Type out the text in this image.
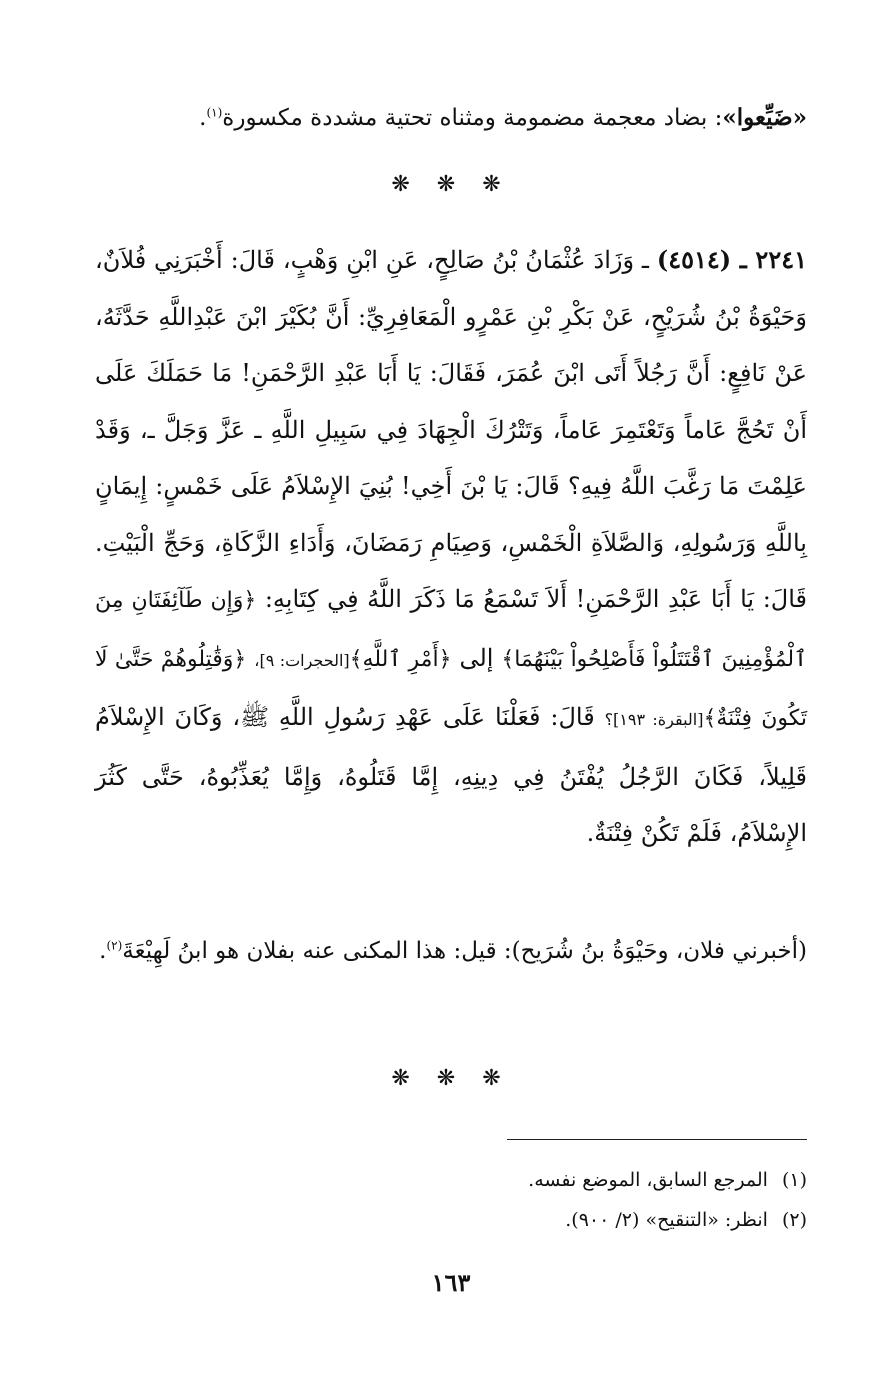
«ضَيِّعوا»: بضاد معجمة مضمومة ومثناه تحتية مشددة مكسورة$^{(١)}$.
❋ ❋ ❋

٢٢٤١ ـ (٤٥١٤) ـ وَزَادَ عُثْمَانُ بْنُ صَالِحٍ، عَنِ ابْنِ وَهْبٍ، قَالَ: أَخْبَرَنِي فُلاَنٌ، وَحَيْوَةُ بْنُ شُرَيْحٍ، عَنْ بَكْرِ بْنِ عَمْرٍو الْمَعَافِرِيِّ: أَنَّ بُكَيْرَ ابْنَ عَبْدِاللَّهِ حَدَّثَهُ، عَنْ نَافِعٍ: أَنَّ رَجُلاً أَتَى ابْنَ عُمَرَ، فَقَالَ: يَا أَبَا عَبْدِ الرَّحْمَنِ! مَا حَمَلَكَ عَلَى أَنْ تَحُجَّ عَاماً وَتَعْتَمِرَ عَاماً، وَتَتْرُكَ الْجِهَادَ فِي سَبِيلِ اللَّهِ ـ عَزَّ وَجَلَّ ـ، وَقَدْ عَلِمْتَ مَا رَغَّبَ اللَّهُ فِيهِ؟ قَالَ: يَا بْنَ أَخِي! بُنِيَ الإِسْلاَمُ عَلَى خَمْسٍ: إِيمَانٍ بِاللَّهِ وَرَسُولِهِ، وَالصَّلاَةِ الْخَمْسِ، وَصِيَامِ رَمَضَانَ، وَأَدَاءِ الزَّكَاةِ، وَحَجِّ الْبَيْتِ. قَالَ: يَا أَبَا عَبْدِ الرَّحْمَنِ! أَلاَ تَسْمَعُ مَا ذَكَرَ اللَّهُ فِي كِتَابِهِ: ﴿وَإِن طَآئِفَتَانِ مِنَ ٱلْمُؤْمِنِينَ ٱقْتَتَلُواْ فَأَصْلِحُواْ بَيْنَهُمَا﴾ إلى ﴿أَمْرِ ٱللَّهِ﴾[الحجرات: ٩]، ﴿وَقَٰتِلُوهُمْ حَتَّىٰ لَا تَكُونَ فِتْنَةٌ﴾[البقرة: ١٩٣]؟ قَالَ: فَعَلْنَا عَلَى عَهْدِ رَسُولِ اللَّهِ ﷺ، وَكَانَ الإِسْلاَمُ قَلِيلاً، فَكَانَ الرَّجُلُ يُفْتَنُ فِي دِينِهِ، إِمَّا قَتَلُوهُ، وَإِمَّا يُعَذِّبُوهُ، حَتَّى كَثُرَ الإِسْلاَمُ، فَلَمْ تَكُنْ فِتْنَةٌ.

(أخبرني فلان، وحَيْوَةُ بنُ شُرَيح): قيل: هذا المكنى عنه بفلان هو ابنُ لَهِيْعَةَ$^{(٢)}$.

❋ ❋ ❋
(١)المرجع السابق، الموضع نفسه.
(٢)انظر: «التنقيح» (٢/ ٩٠٠).
١٦٣
